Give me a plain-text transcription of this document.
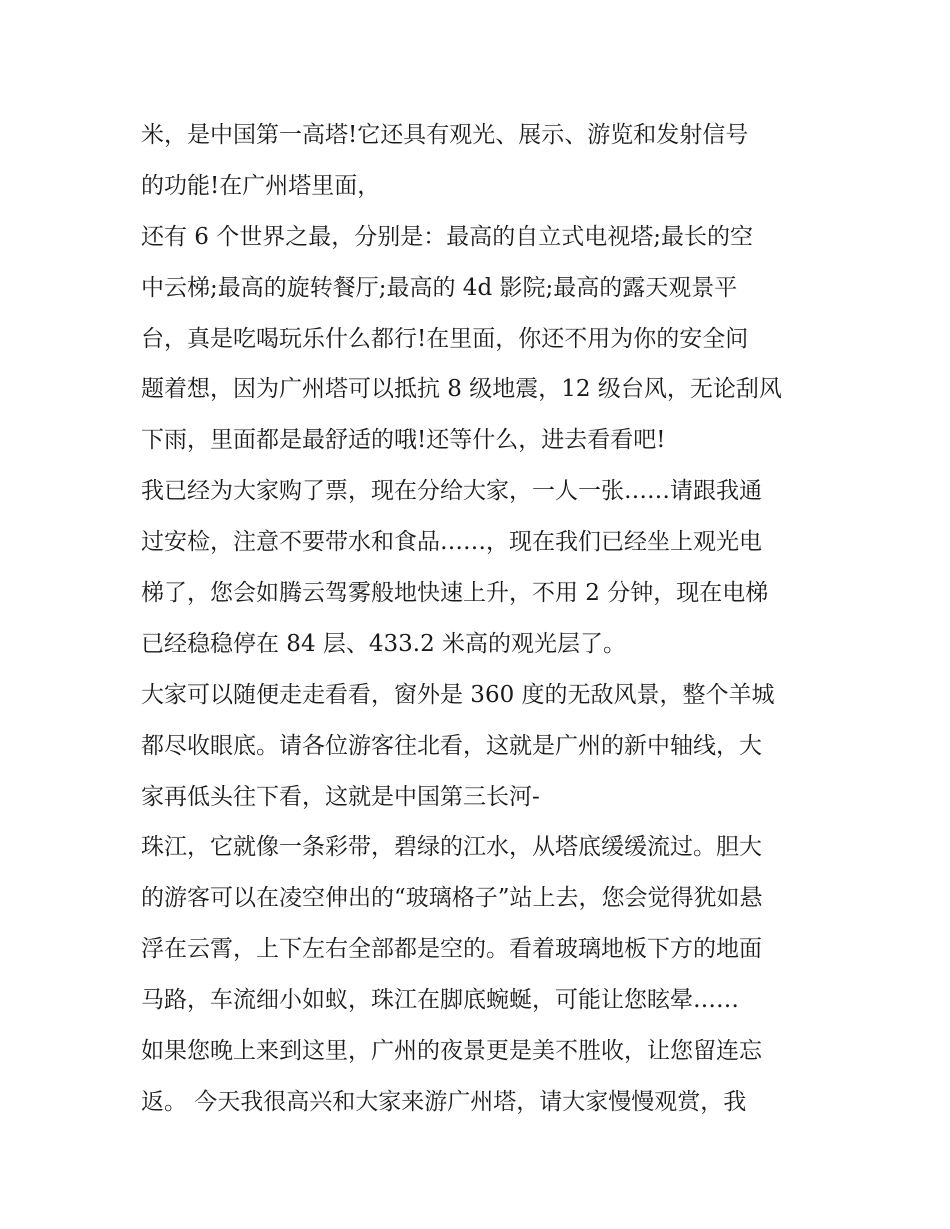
米，是中国第一高塔!它还具有观光、展示、游览和发射信号
的功能!在广州塔里面，
还有 6 个世界之最，分别是：最高的自立式电视塔;最长的空
中云梯;最高的旋转餐厅;最高的 4d 影院;最高的露天观景平
台，真是吃喝玩乐什么都行!在里面，你还不用为你的安全问
题着想，因为广州塔可以抵抗 8 级地震，12 级台风，无论刮风
下雨，里面都是最舒适的哦!还等什么，进去看看吧!
我已经为大家购了票，现在分给大家，一人一张……请跟我通
过安检，注意不要带水和食品……，现在我们已经坐上观光电
梯了，您会如腾云驾雾般地快速上升，不用 2 分钟，现在电梯
已经稳稳停在 84 层、433.2 米高的观光层了。
大家可以随便走走看看，窗外是 360 度的无敌风景，整个羊城
都尽收眼底。请各位游客往北看，这就是广州的新中轴线，大
家再低头往下看，这就是中国第三长河-
珠江，它就像一条彩带，碧绿的江水，从塔底缓缓流过。胆大
的游客可以在凌空伸出的“玻璃格子”站上去，您会觉得犹如悬
浮在云霄，上下左右全部都是空的。看着玻璃地板下方的地面
马路，车流细小如蚁，珠江在脚底蜿蜒，可能让您眩晕……
如果您晚上来到这里，广州的夜景更是美不胜收，让您留连忘
返。 今天我很高兴和大家来游广州塔，请大家慢慢观赏，我
